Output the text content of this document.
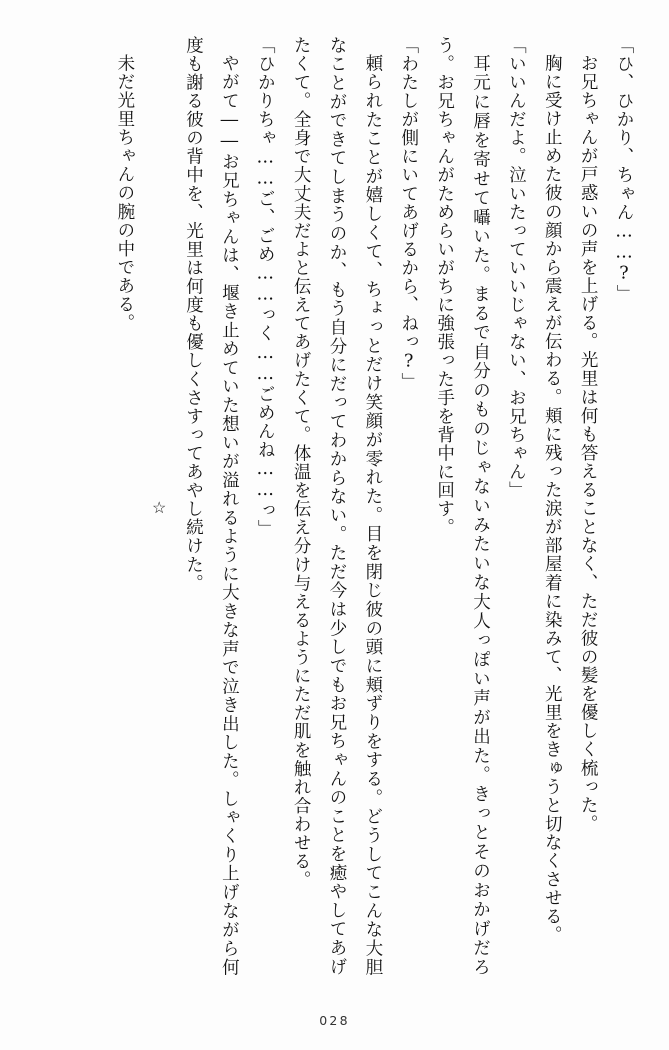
「ひ、ひかり、ちゃん……?」

お兄ちゃんが戸惑いの声を上げる。光里は何も答えることなく、ただ彼の髪を優しく梳った。

胸に受け止めた彼の顔から震えが伝わる。頬に残った涙が部屋着に染みて、光里をきゅうと切なくさせる。

「いいんだよ。泣いたっていいじゃない、お兄ちゃん」

耳元に唇を寄せて囁いた。まるで自分のものじゃないみたいな大人っぽい声が出た。きっとそのおかげだろう。お兄ちゃんがためらいがちに強張った手を背中に回す。

「わたしが側にいてあげるから、ねっ?」

頼られたことが嬉しくて、ちょっとだけ笑顔が零れた。目を閉じ彼の頭に頬ずりをする。どうしてこんな大胆なことができてしまうのか、もう自分にだってわからない。ただ今は少しでもお兄ちゃんのことを癒やしてあげたくて。全身で大丈夫だよと伝えてあげたくて。体温を伝え分け与えるようにただ肌を触れ合わせる。

「ひかりちゃ……ご、ごめ……っく……ごめんね……っ」

やがて――お兄ちゃんは、堰き止めていた想いが溢れるように大きな声で泣き出した。しゃくり上げながら何度も謝る彼の背中を、光里は何度も優しくさすってあやし続けた。

☆

未だ光里ちゃんの腕の中である。

028
